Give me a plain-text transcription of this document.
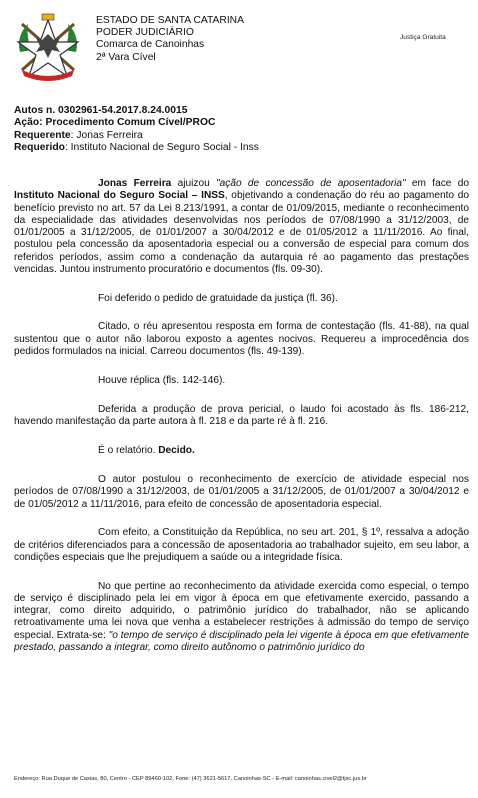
ESTADO DE SANTA CATARINA
PODER JUDICIÁRIO
Comarca de Canoinhas
2ª Vara Cível
Justiça Gratuita
Autos n. 0302961-54.2017.8.24.0015
Ação: Procedimento Comum Cível/PROC
Requerente: Jonas Ferreira
Requerido: Instituto Nacional de Seguro Social - Inss

Jonas Ferreira ajuizou "ação de concessão de aposentadoria" em face do Instituto Nacional do Seguro Social – INSS, objetivando a condenação do réu ao pagamento do benefício previsto no art. 57 da Lei 8.213/1991, a contar de 01/09/2015, mediante o reconhecimento da especialidade das atividades desenvolvidas nos períodos de 07/08/1990 a 31/12/2003, de 01/01/2005 a 31/12/2005, de 01/01/2007 a 30/04/2012 e de 01/05/2012 a 11/11/2016. Ao final, postulou pela concessão da aposentadoria especial ou a conversão de especial para comum dos referidos períodos, assim como a condenação da autarquia ré ao pagamento das prestações vencidas. Juntou instrumento procuratório e documentos (fls. 09-30).

Foi deferido o pedido de gratuidade da justiça (fl. 36).

Citado, o réu apresentou resposta em forma de contestação (fls. 41-88), na qual sustentou que o autor não laborou exposto a agentes nocivos. Requereu a improcedência dos pedidos formulados na inicial. Carreou documentos (fls. 49-139).

Houve réplica (fls. 142-146).

Deferida a produção de prova pericial, o laudo foi acostado às fls. 186-212, havendo manifestação da parte autora à fl. 218 e da parte ré à fl. 216.

É o relatório. Decido.

O autor postulou o reconhecimento de exercício de atividade especial nos períodos de 07/08/1990 a 31/12/2003, de 01/01/2005 a 31/12/2005, de 01/01/2007 a 30/04/2012 e de 01/05/2012 a 11/11/2016, para efeito de concessão de aposentadoria especial.

Com efeito, a Constituição da República, no seu art. 201, § 1º, ressalva a adoção de critérios diferenciados para a concessão de aposentadoria ao trabalhador sujeito, em seu labor, a condições especiais que lhe prejudiquem a saúde ou a integridade física.

No que pertine ao reconhecimento da atividade exercida como especial, o tempo de serviço é disciplinado pela lei em vigor à época em que efetivamente exercido, passando a integrar, como direito adquirido, o patrimônio jurídico do trabalhador, não se aplicando retroativamente uma lei nova que venha a estabelecer restrições à admissão do tempo de serviço especial. Extrata-se: "o tempo de serviço é disciplinado pela lei vigente à época em que efetivamente prestado, passando a integrar, como direito autônomo o patrimônio jurídico do

Endereço: Rua Duque de Caxias, 80, Centro - CEP 89460-102, Fone: (47) 3621-5617, Canoinhas-SC - E-mail: canoinhas.civel2@tjsc.jus.br
